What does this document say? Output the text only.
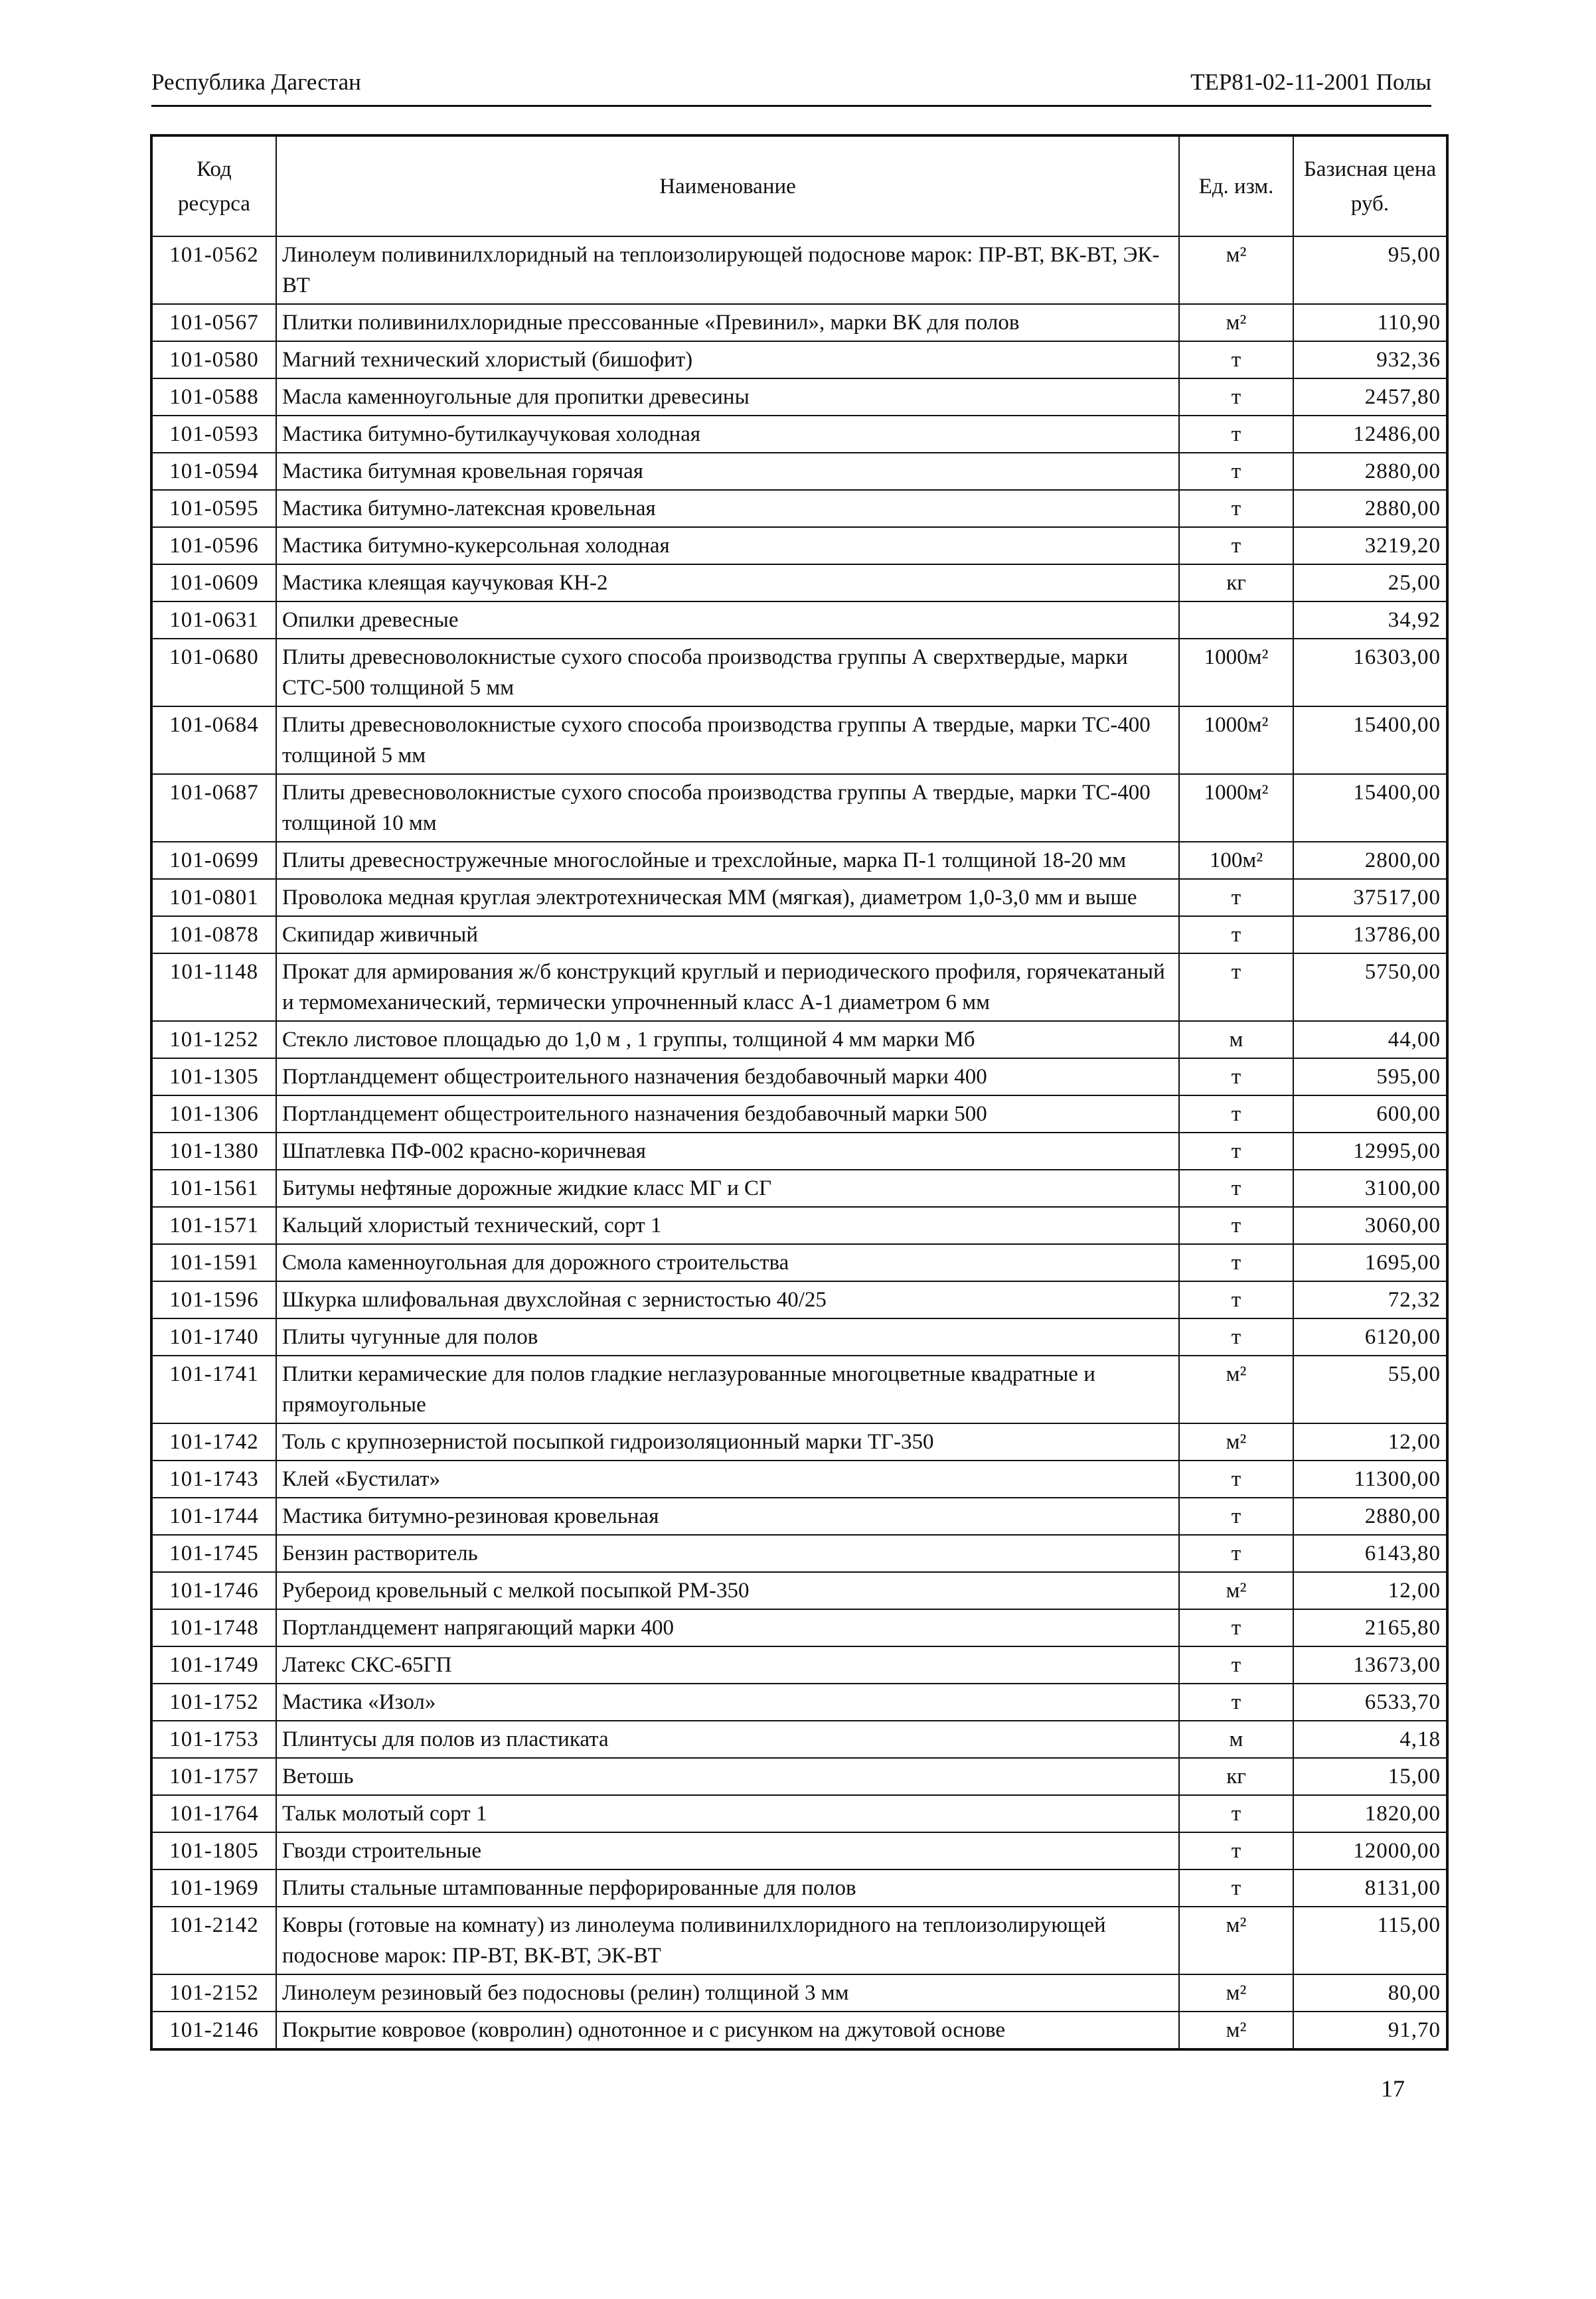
Республика Дагестан	ТЕР81-02-11-2001 Полы
Код ресурса	Наименование	Ед. изм.	Базисная цена руб.
101-0562	Линолеум поливинилхлоридный на теплоизолирующей подоснове марок: ПР-ВТ, ВК-ВТ, ЭК-ВТ	м²	95,00
101-0567	Плитки поливинилхлоридные прессованные «Превинил», марки ВК для полов	м²	110,90
101-0580	Магний технический хлористый (бишофит)	т	932,36
101-0588	Масла каменноугольные для пропитки древесины	т	2457,80
101-0593	Мастика битумно-бутилкаучуковая холодная	т	12486,00
101-0594	Мастика битумная кровельная горячая	т	2880,00
101-0595	Мастика битумно-латексная кровельная	т	2880,00
101-0596	Мастика битумно-кукерсольная холодная	т	3219,20
101-0609	Мастика клеящая каучуковая КН-2	кг	25,00
101-0631	Опилки древесные		34,92
101-0680	Плиты древесноволокнистые сухого способа производства группы А сверхтвердые, марки СТС-500 толщиной 5 мм	1000м²	16303,00
101-0684	Плиты древесноволокнистые сухого способа производства группы А твердые, марки ТС-400 толщиной 5 мм	1000м²	15400,00
101-0687	Плиты древесноволокнистые сухого способа производства группы А твердые, марки ТС-400 толщиной 10 мм	1000м²	15400,00
101-0699	Плиты древесностружечные многослойные и трехслойные, марка П-1 толщиной 18-20 мм	100м²	2800,00
101-0801	Проволока медная круглая электротехническая ММ (мягкая), диаметром 1,0-3,0 мм и выше	т	37517,00
101-0878	Скипидар живичный	т	13786,00
101-1148	Прокат для армирования ж/б конструкций круглый и периодического профиля, горячекатаный и термомеханический, термически упрочненный класс А-1 диаметром 6 мм	т	5750,00
101-1252	Стекло листовое площадью до 1,0 м , 1 группы, толщиной 4 мм марки Мб	м	44,00
101-1305	Портландцемент общестроительного назначения бездобавочный марки 400	т	595,00
101-1306	Портландцемент общестроительного назначения бездобавочный марки 500	т	600,00
101-1380	Шпатлевка ПФ-002 красно-коричневая	т	12995,00
101-1561	Битумы нефтяные дорожные жидкие класс МГ и СГ	т	3100,00
101-1571	Кальций хлористый технический, сорт 1	т	3060,00
101-1591	Смола каменноугольная для дорожного строительства	т	1695,00
101-1596	Шкурка шлифовальная двухслойная с зернистостью 40/25	т	72,32
101-1740	Плиты чугунные для полов	т	6120,00
101-1741	Плитки керамические для полов гладкие неглазурованные многоцветные квадратные и прямоугольные	м²	55,00
101-1742	Толь с крупнозернистой посыпкой гидроизоляционный марки ТГ-350	м²	12,00
101-1743	Клей «Бустилат»	т	11300,00
101-1744	Мастика битумно-резиновая кровельная	т	2880,00
101-1745	Бензин растворитель	т	6143,80
101-1746	Рубероид кровельный с мелкой посыпкой РМ-350	м²	12,00
101-1748	Портландцемент напрягающий марки 400	т	2165,80
101-1749	Латекс СКС-65ГП	т	13673,00
101-1752	Мастика «Изол»	т	6533,70
101-1753	Плинтусы для полов из пластиката	м	4,18
101-1757	Ветошь	кг	15,00
101-1764	Тальк молотый сорт 1	т	1820,00
101-1805	Гвозди строительные	т	12000,00
101-1969	Плиты стальные штампованные перфорированные для полов	т	8131,00
101-2142	Ковры (готовые на комнату) из линолеума поливинилхлоридного на теплоизолирующей подоснове марок: ПР-ВТ, ВК-ВТ, ЭК-ВТ	м²	115,00
101-2152	Линолеум резиновый без подосновы (релин) толщиной 3 мм	м²	80,00
101-2146	Покрытие ковровое (ковролин) однотонное и с рисунком на джутовой основе	м²	91,70
17
